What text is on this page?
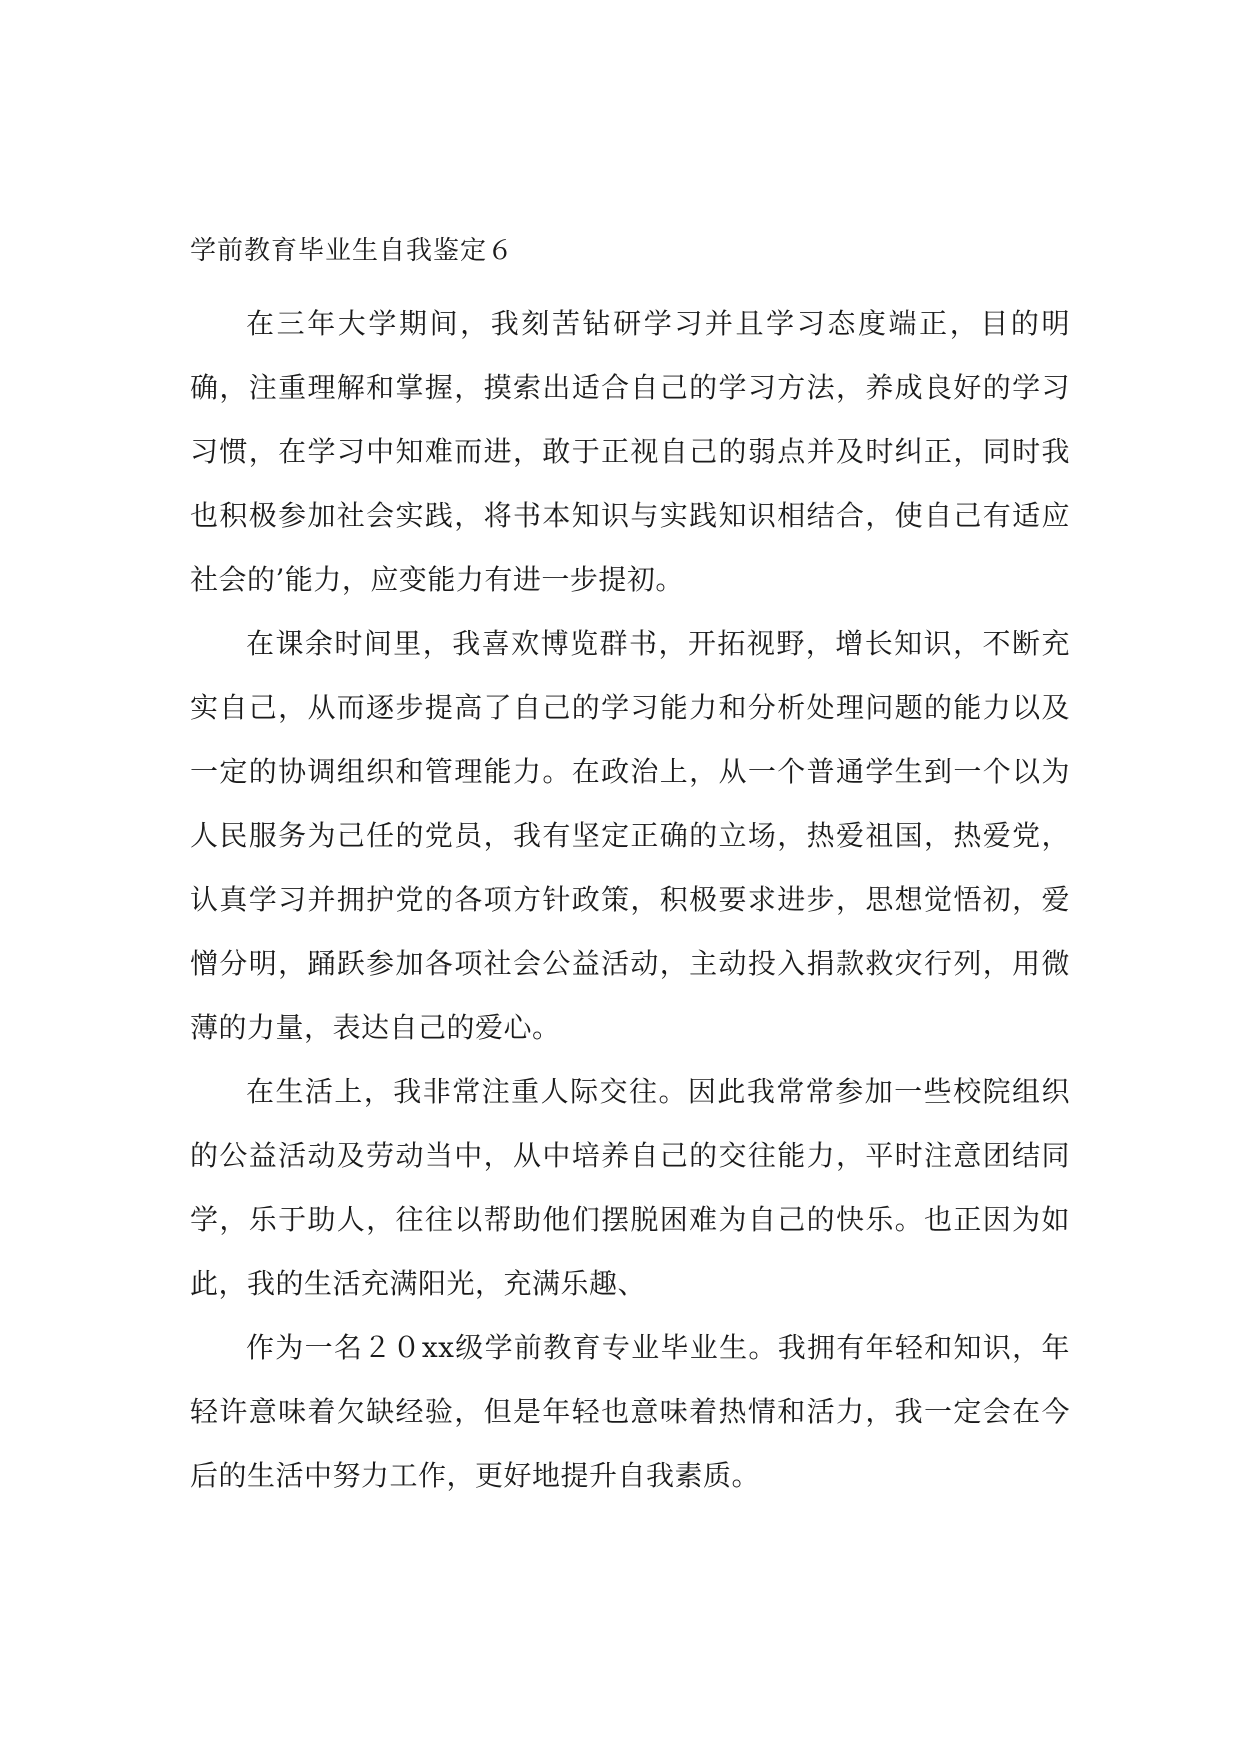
学前教育毕业生自我鉴定６

在三年大学期间，我刻苦钻研学习并且学习态度端正，目的明确，注重理解和掌握，摸索出适合自己的学习方法，养成良好的学习习惯，在学习中知难而进，敢于正视自己的弱点并及时纠正，同时我也积极参加社会实践，将书本知识与实践知识相结合，使自己有适应社会的’能力，应变能力有进一步提初。

在课余时间里，我喜欢博览群书，开拓视野，增长知识，不断充实自己，从而逐步提高了自己的学习能力和分析处理问题的能力以及一定的协调组织和管理能力。在政治上，从一个普通学生到一个以为人民服务为己任的党员，我有坚定正确的立场，热爱祖国，热爱党，认真学习并拥护党的各项方针政策，积极要求进步，思想觉悟初，爱憎分明，踊跃参加各项社会公益活动，主动投入捐款救灾行列，用微薄的力量，表达自己的爱心。

在生活上，我非常注重人际交往。因此我常常参加一些校院组织的公益活动及劳动当中，从中培养自己的交往能力，平时注意团结同学，乐于助人，往往以帮助他们摆脱困难为自己的快乐。也正因为如此，我的生活充满阳光，充满乐趣、

作为一名２０xx级学前教育专业毕业生。我拥有年轻和知识，年轻许意味着欠缺经验，但是年轻也意味着热情和活力，我一定会在今后的生活中努力工作，更好地提升自我素质。
